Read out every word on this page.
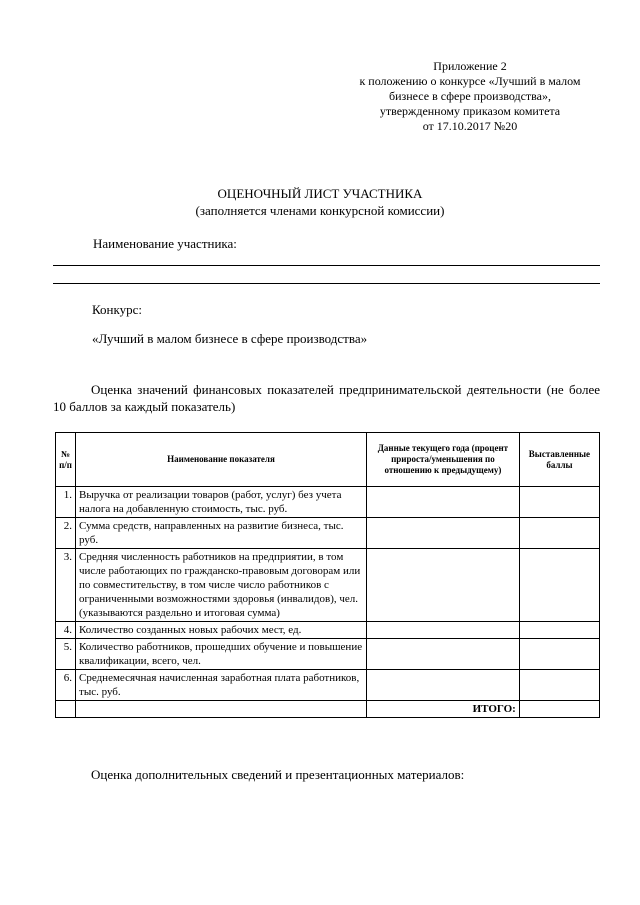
Приложение 2
к положению о конкурсе «Лучший в малом
бизнесе в сфере производства»,
утвержденному приказом комитета
от 17.10.2017 №20
ОЦЕНОЧНЫЙ ЛИСТ УЧАСТНИКА
(заполняется членами конкурсной комиссии)
Наименование участника:
Конкурс:
«Лучший в малом бизнесе в сфере производства»
Оценка значений финансовых показателей предпринимательской деятельности (не более 10 баллов за каждый показатель)
№ п/п	Наименование показателя	Данные текущего года (процент прироста/уменьшения по отношению к предыдущему)	Выставленные баллы
1.	Выручка от реализации товаров (работ, услуг) без учета налога на добавленную стоимость, тыс. руб.		
2.	Сумма средств, направленных на развитие бизнеса, тыс. руб.		
3.	Средняя численность работников на предприятии, в том числе работающих по гражданско-правовым договорам или по совместительству, в том числе число работников с ограниченными возможностями здоровья (инвалидов), чел. (указываются раздельно и итоговая сумма)		
4.	Количество созданных новых рабочих мест, ед.		
5.	Количество работников, прошедших обучение и повышение квалификации, всего, чел.		
6.	Среднемесячная начисленная заработная плата работников, тыс. руб.		
		ИТОГО:	
Оценка дополнительных сведений и презентационных материалов:
